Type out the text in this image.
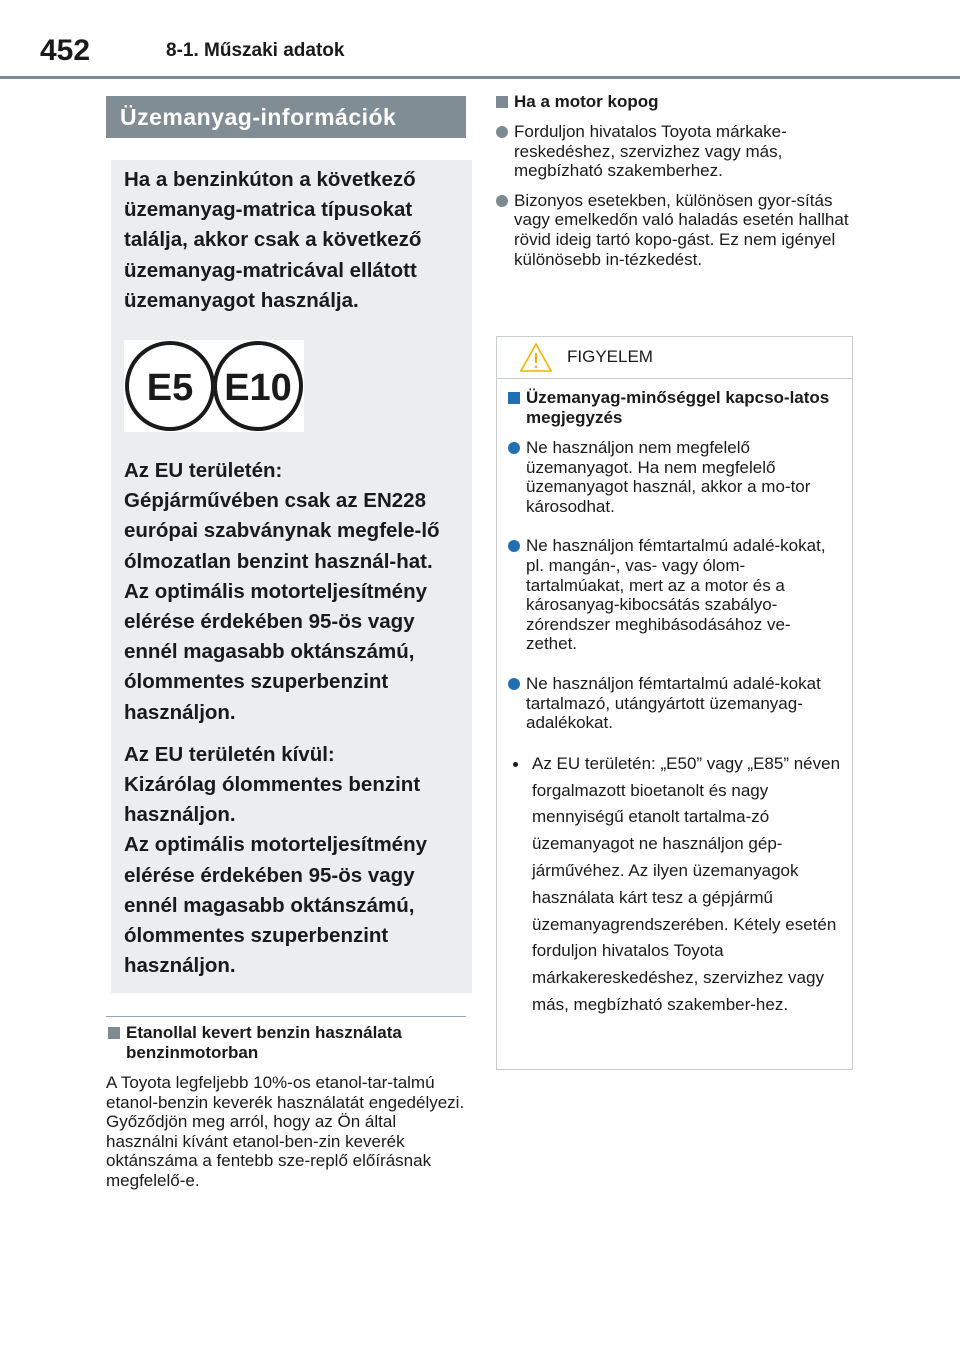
452	8-1. Műszaki adatok
Üzemanyag-információk

Ha a benzinkúton a következő üzemanyag-matrica típusokat találja, akkor csak a következő üzemanyag-matricával ellátott üzemanyagot használja.

E5 E10

Az EU területén:

Gépjárművében csak az EN228 európai szabványnak megfele-lő ólmozatlan benzint használ-hat.

Az optimális motorteljesítmény elérése érdekében 95-ös vagy ennél magasabb oktánszámú, ólommentes szuperbenzint használjon.

Az EU területén kívül:

Kizárólag ólommentes benzint használjon.

Az optimális motorteljesítmény elérése érdekében 95-ös vagy ennél magasabb oktánszámú, ólommentes szuperbenzint használjon.

Etanollal kevert benzin használata benzinmotorban
A Toyota legfeljebb 10%-os etanol-tar-talmú etanol-benzin keverék használatát engedélyezi. Győződjön meg arról, hogy az Ön által használni kívánt etanol-ben-zin keverék oktánszáma a fentebb sze-replő előírásnak megfelelő-e.
Ha a motor kopog
Forduljon hivatalos Toyota márkake-reskedéshez, szervizhez vagy más, megbízható szakemberhez.
Bizonyos esetekben, különösen gyor-sítás vagy emelkedőn való haladás esetén hallhat rövid ideig tartó kopo-gást. Ez nem igényel különösebb in-tézkedést.
FIGYELEM
Üzemanyag-minőséggel kapcso-latos megjegyzés
Ne használjon nem megfelelő üzemanyagot. Ha nem megfelelő üzemanyagot használ, akkor a mo-tor károsodhat.
Ne használjon fémtartalmú adalé-kokat, pl. mangán-, vas- vagy ólom-tartalmúakat, mert az a motor és a károsanyag-kibocsátás szabályo-zórendszer meghibásodásához ve-zethet.
Ne használjon fémtartalmú adalé-kokat tartalmazó, utángyártott üzemanyag-adalékokat.
Az EU területén: „E50” vagy „E85” néven forgalmazott bioetanolt és nagy mennyiségű etanolt tartalma-zó üzemanyagot ne használjon gép-járművéhez. Az ilyen üzemanyagok használata kárt tesz a gépjármű üzemanyagrendszerében. Kétely esetén forduljon hivatalos Toyota márkakereskedéshez, szervizhez vagy más, megbízható szakember-hez.
